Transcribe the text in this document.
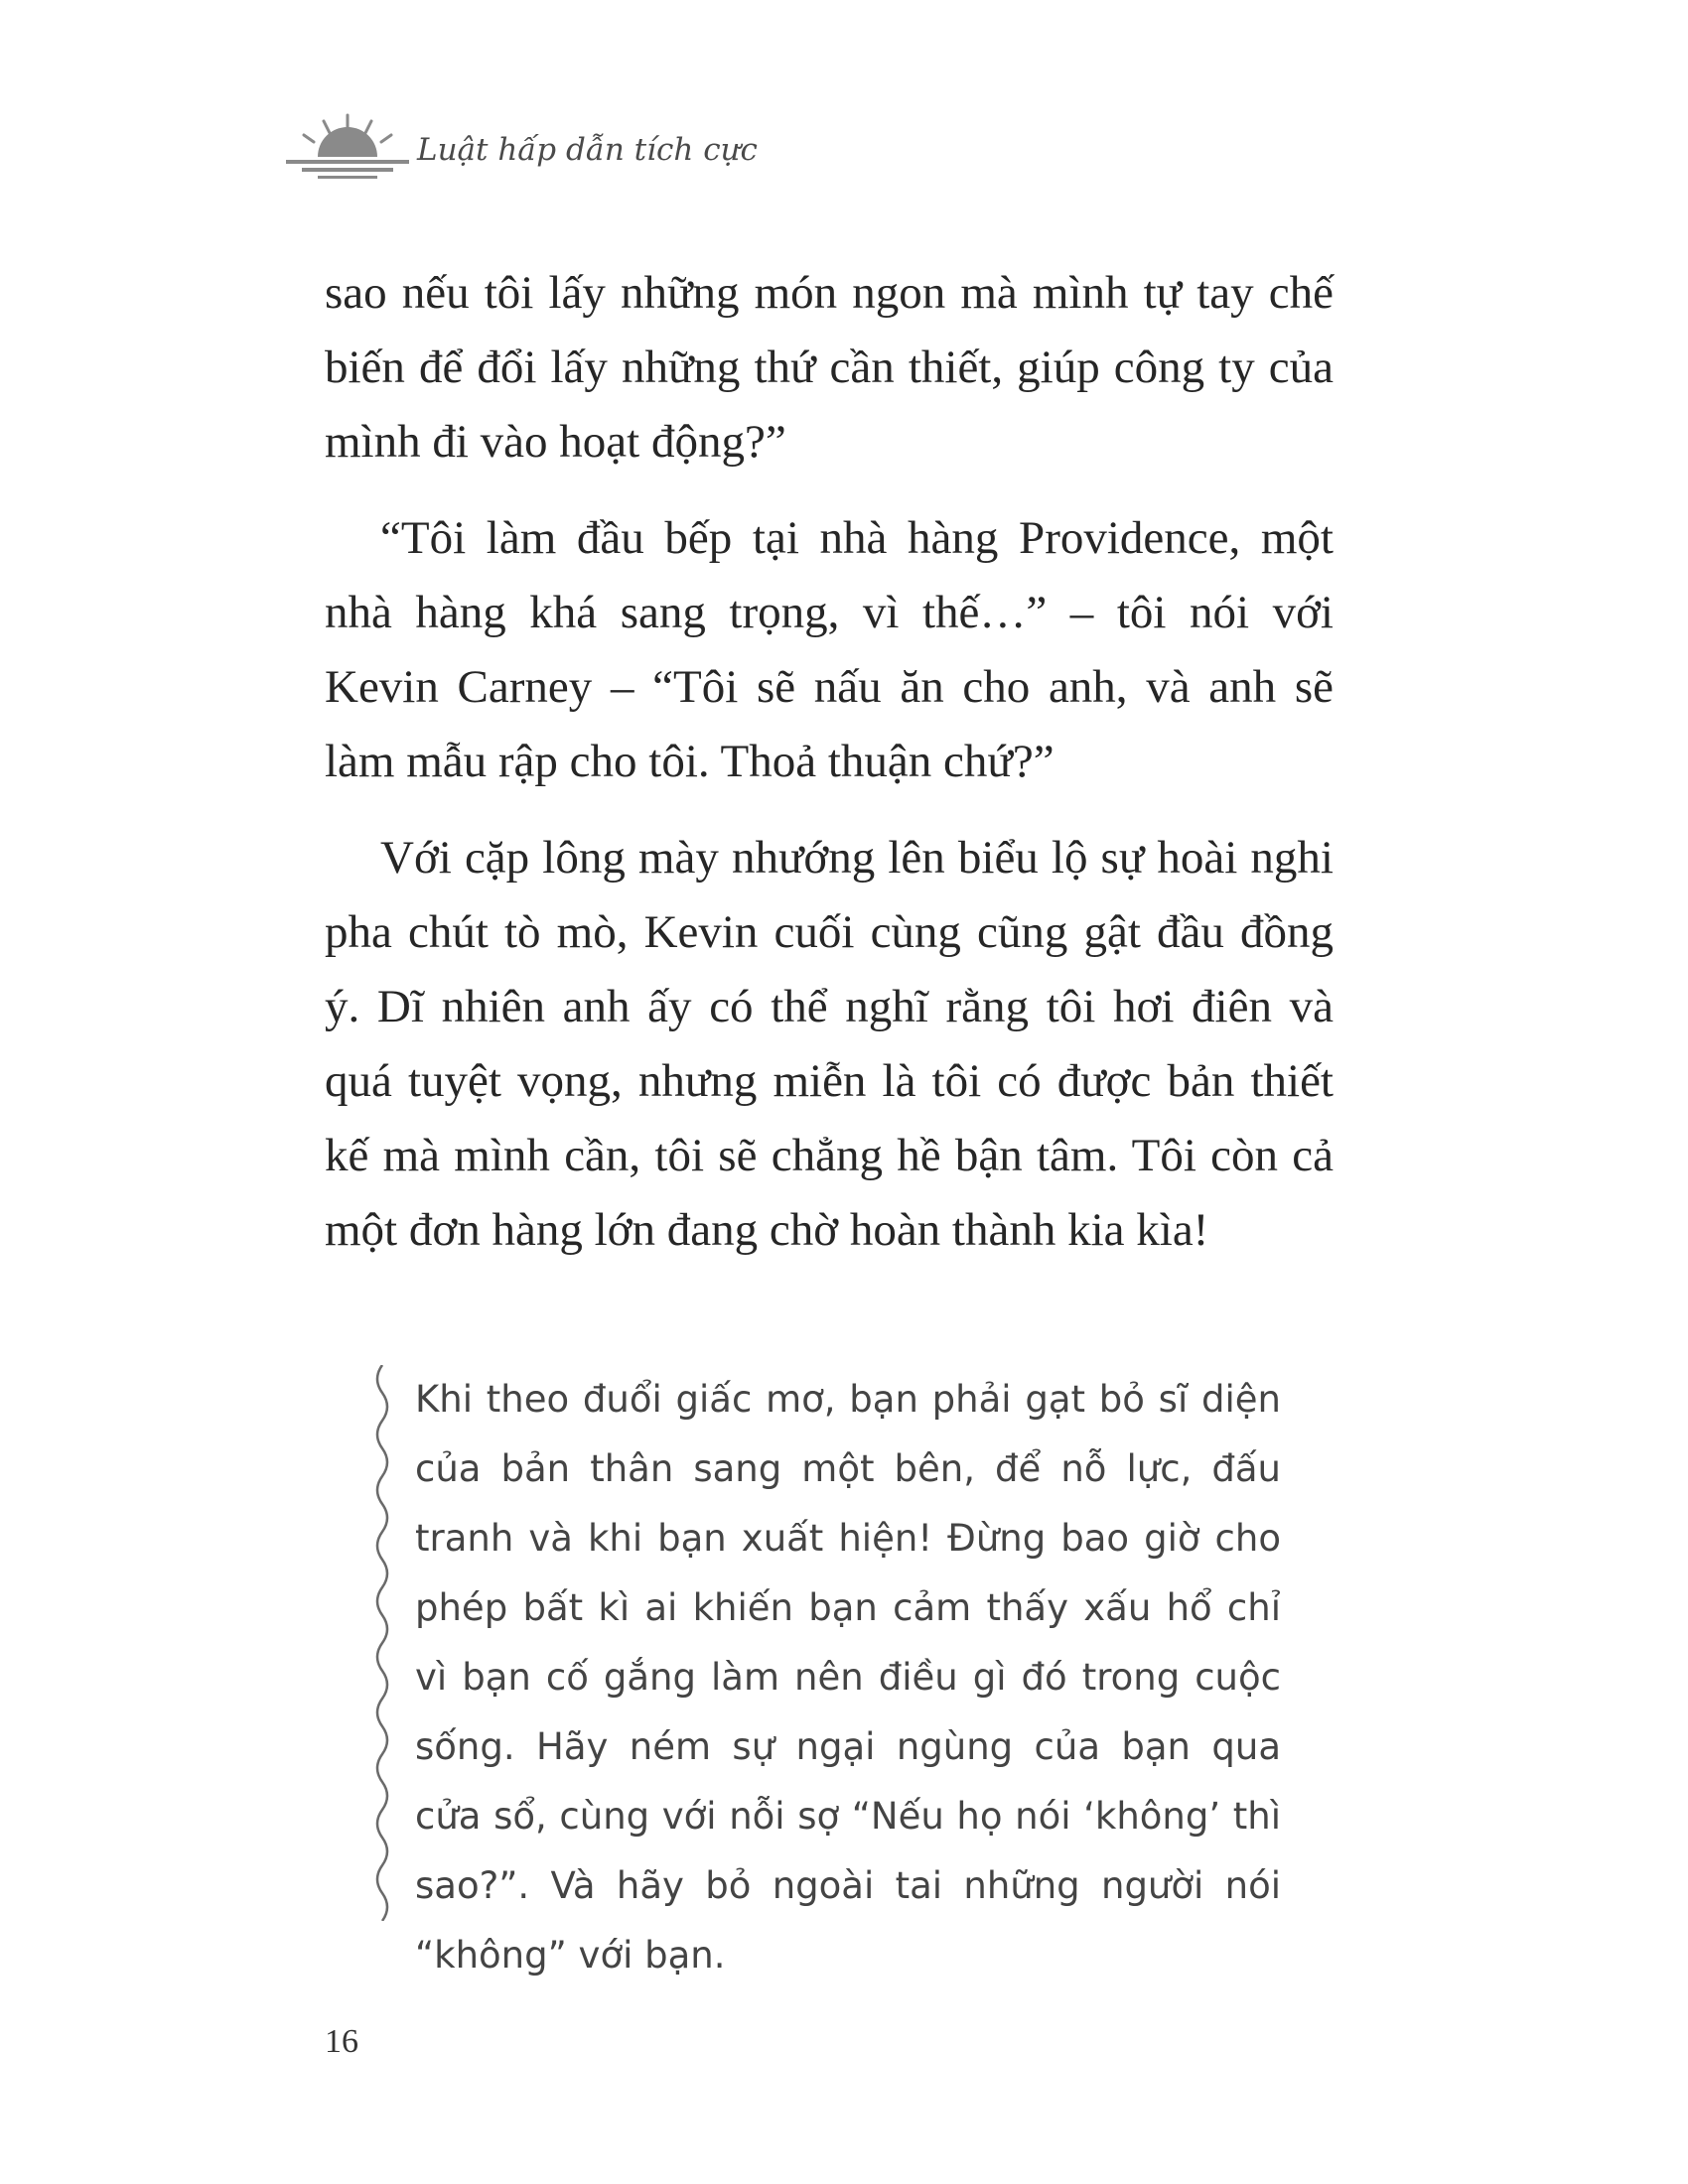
Luật hấp dẫn tích cực

sao nếu tôi lấy những món ngon mà mình tự tay chế biến để đổi lấy những thứ cần thiết, giúp công ty của mình đi vào hoạt động?”

“Tôi làm đầu bếp tại nhà hàng Providence, một nhà hàng khá sang trọng, vì thế…” – tôi nói với Kevin Carney – “Tôi sẽ nấu ăn cho anh, và anh sẽ làm mẫu rập cho tôi. Thoả thuận chứ?”

Với cặp lông mày nhướng lên biểu lộ sự hoài nghi pha chút tò mò, Kevin cuối cùng cũng gật đầu đồng ý. Dĩ nhiên anh ấy có thể nghĩ rằng tôi hơi điên và quá tuyệt vọng, nhưng miễn là tôi có được bản thiết kế mà mình cần, tôi sẽ chẳng hề bận tâm. Tôi còn cả một đơn hàng lớn đang chờ hoàn thành kia kìa!

Khi theo đuổi giấc mơ, bạn phải gạt bỏ sĩ diện của bản thân sang một bên, để nỗ lực, đấu tranh và khi bạn xuất hiện! Đừng bao giờ cho phép bất kì ai khiến bạn cảm thấy xấu hổ chỉ vì bạn cố gắng làm nên điều gì đó trong cuộc sống. Hãy ném sự ngại ngùng của bạn qua cửa sổ, cùng với nỗi sợ “Nếu họ nói ‘không’ thì sao?”. Và hãy bỏ ngoài tai những người nói “không” với bạn.

16
